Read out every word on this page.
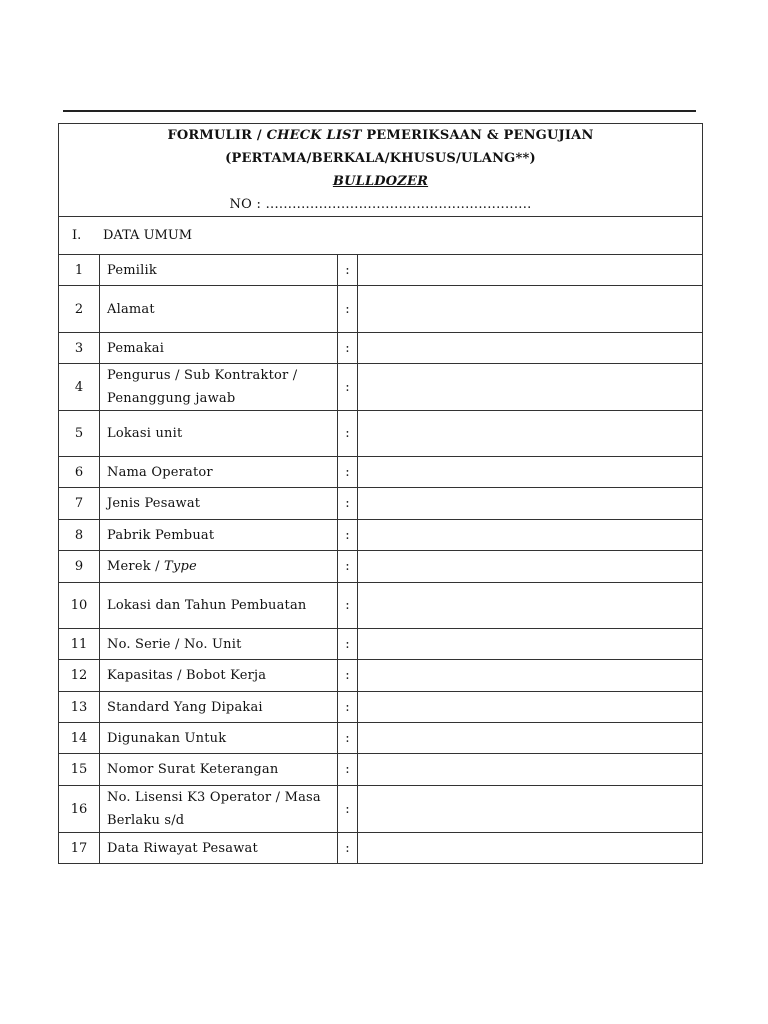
FORMULIR / CHECK LIST PEMERIKSAAN & PENGUJIAN
(PERTAMA/BERKALA/KHUSUS/ULANG**)
BULLDOZER
NO : ............................................................			

I. DATA UMUM			
1	Pemilik	:	
2	Alamat	:	
3	Pemakai	:	
4	Pengurus / Sub Kontraktor / Penanggung jawab	:	
5	Lokasi unit	:	
6	Nama Operator	:	
7	Jenis Pesawat	:	
8	Pabrik Pembuat	:	
9	Merek / Type	:	
10	Lokasi dan Tahun Pembuatan	:	
11	No. Serie / No. Unit	:	
12	Kapasitas / Bobot Kerja	:	
13	Standard Yang Dipakai	:	
14	Digunakan Untuk	:	
15	Nomor Surat Keterangan	:	
16	No. Lisensi K3 Operator / Masa Berlaku s/d	:	
17	Data Riwayat Pesawat	:	
